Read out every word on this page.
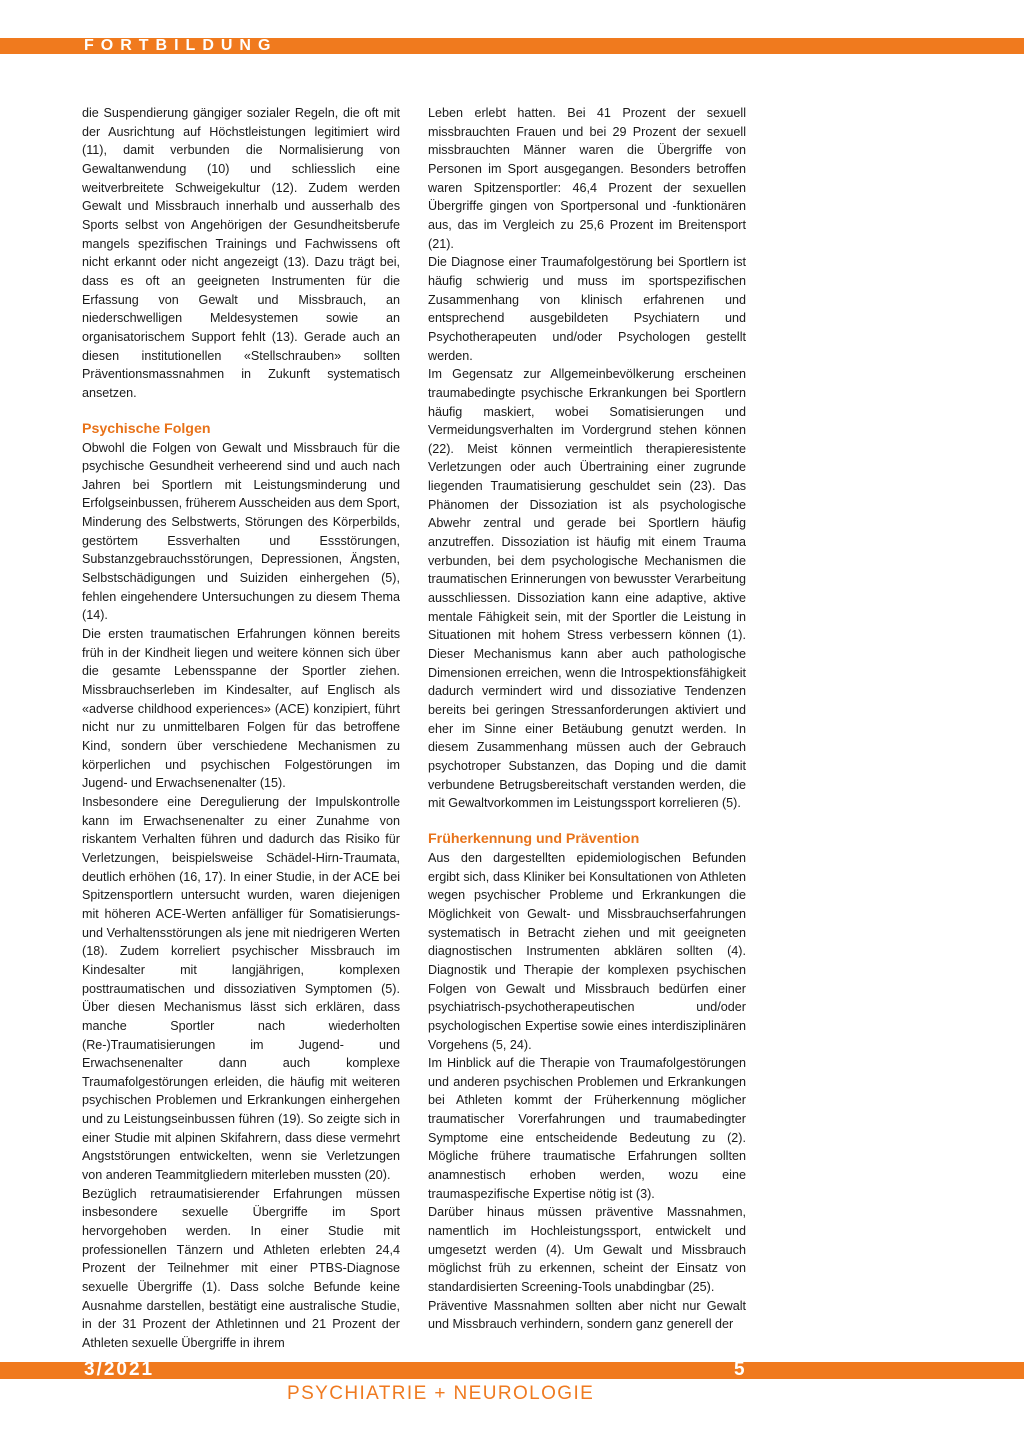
FORTBILDUNG

die Suspendierung gängiger sozialer Regeln, die oft mit der Ausrichtung auf Höchstleistungen legitimiert wird (11), damit verbunden die Normalisierung von Gewaltanwendung (10) und schliesslich eine weitverbreitete Schweigekultur (12). Zudem werden Gewalt und Missbrauch innerhalb und ausserhalb des Sports selbst von Angehörigen der Gesundheitsberufe mangels spezifischen Trainings und Fachwissens oft nicht erkannt oder nicht angezeigt (13). Dazu trägt bei, dass es oft an geeigneten Instrumenten für die Erfassung von Gewalt und Missbrauch, an niederschwelligen Meldesystemen sowie an organisatorischem Support fehlt (13). Gerade auch an diesen institutionellen «Stellschrauben» sollten Präventionsmassnahmen in Zukunft systematisch ansetzen.

Psychische Folgen

Obwohl die Folgen von Gewalt und Missbrauch für die psychische Gesundheit verheerend sind und auch nach Jahren bei Sportlern mit Leistungsminderung und Erfolgseinbussen, früherem Ausscheiden aus dem Sport, Minderung des Selbstwerts, Störungen des Körperbilds, gestörtem Essverhalten und Essstörungen, Substanzgebrauchsstörungen, Depressionen, Ängsten, Selbstschädigungen und Suiziden einhergehen (5), fehlen eingehendere Untersuchungen zu diesem Thema (14).

Die ersten traumatischen Erfahrungen können bereits früh in der Kindheit liegen und weitere können sich über die gesamte Lebensspanne der Sportler ziehen. Missbrauchserleben im Kindesalter, auf Englisch als «adverse childhood experiences» (ACE) konzipiert, führt nicht nur zu unmittelbaren Folgen für das betroffene Kind, sondern über verschiedene Mechanismen zu körperlichen und psychischen Folgestörungen im Jugend- und Erwachsenenalter (15).

Insbesondere eine Deregulierung der Impulskontrolle kann im Erwachsenenalter zu einer Zunahme von riskantem Verhalten führen und dadurch das Risiko für Verletzungen, beispielsweise Schädel-Hirn-Traumata, deutlich erhöhen (16, 17). In einer Studie, in der ACE bei Spitzensportlern untersucht wurden, waren diejenigen mit höheren ACE-Werten anfälliger für Somatisierungs- und Verhaltensstörungen als jene mit niedrigeren Werten (18). Zudem korreliert psychischer Missbrauch im Kindesalter mit langjährigen, komplexen posttraumatischen und dissoziativen Symptomen (5). Über diesen Mechanismus lässt sich erklären, dass manche Sportler nach wiederholten (Re-)Traumatisierungen im Jugend- und Erwachsenenalter dann auch komplexe Traumafolgestörungen erleiden, die häufig mit weiteren psychischen Problemen und Erkrankungen einhergehen und zu Leistungseinbussen führen (19). So zeigte sich in einer Studie mit alpinen Skifahrern, dass diese vermehrt Angststörungen entwickelten, wenn sie Verletzungen von anderen Teammitgliedern miterleben mussten (20).

Bezüglich retraumatisierender Erfahrungen müssen insbesondere sexuelle Übergriffe im Sport hervorgehoben werden. In einer Studie mit professionellen Tänzern und Athleten erlebten 24,4 Prozent der Teilnehmer mit einer PTBS-Diagnose sexuelle Übergriffe (1). Dass solche Befunde keine Ausnahme darstellen, bestätigt eine australische Studie, in der 31 Prozent der Athletinnen und 21 Prozent der Athleten sexuelle Übergriffe in ihrem

Leben erlebt hatten. Bei 41 Prozent der sexuell missbrauchten Frauen und bei 29 Prozent der sexuell missbrauchten Männer waren die Übergriffe von Personen im Sport ausgegangen. Besonders betroffen waren Spitzensportler: 46,4 Prozent der sexuellen Übergriffe gingen von Sportpersonal und -funktionären aus, das im Vergleich zu 25,6 Prozent im Breitensport (21).

Die Diagnose einer Traumafolgestörung bei Sportlern ist häufig schwierig und muss im sportspezifischen Zusammenhang von klinisch erfahrenen und entsprechend ausgebildeten Psychiatern und Psychotherapeuten und/oder Psychologen gestellt werden.

Im Gegensatz zur Allgemeinbevölkerung erscheinen traumabedingte psychische Erkrankungen bei Sportlern häufig maskiert, wobei Somatisierungen und Vermeidungsverhalten im Vordergrund stehen können (22). Meist können vermeintlich therapieresistente Verletzungen oder auch Übertraining einer zugrunde liegenden Traumatisierung geschuldet sein (23). Das Phänomen der Dissoziation ist als psychologische Abwehr zentral und gerade bei Sportlern häufig anzutreffen. Dissoziation ist häufig mit einem Trauma verbunden, bei dem psychologische Mechanismen die traumatischen Erinnerungen von bewusster Verarbeitung ausschliessen. Dissoziation kann eine adaptive, aktive mentale Fähigkeit sein, mit der Sportler die Leistung in Situationen mit hohem Stress verbessern können (1). Dieser Mechanismus kann aber auch pathologische Dimensionen erreichen, wenn die Introspektionsfähigkeit dadurch vermindert wird und dissoziative Tendenzen bereits bei geringen Stressanforderungen aktiviert und eher im Sinne einer Betäubung genutzt werden. In diesem Zusammenhang müssen auch der Gebrauch psychotroper Substanzen, das Doping und die damit verbundene Betrugsbereitschaft verstanden werden, die mit Gewaltvorkommen im Leistungssport korrelieren (5).

Früherkennung und Prävention

Aus den dargestellten epidemiologischen Befunden ergibt sich, dass Kliniker bei Konsultationen von Athleten wegen psychischer Probleme und Erkrankungen die Möglichkeit von Gewalt- und Missbrauchserfahrungen systematisch in Betracht ziehen und mit geeigneten diagnostischen Instrumenten abklären sollten (4). Diagnostik und Therapie der komplexen psychischen Folgen von Gewalt und Missbrauch bedürfen einer psychiatrisch-psychotherapeutischen und/oder psychologischen Expertise sowie eines interdisziplinären Vorgehens (5, 24).

Im Hinblick auf die Therapie von Traumafolgestörungen und anderen psychischen Problemen und Erkrankungen bei Athleten kommt der Früherkennung möglicher traumatischer Vorerfahrungen und traumabedingter Symptome eine entscheidende Bedeutung zu (2). Mögliche frühere traumatische Erfahrungen sollten anamnestisch erhoben werden, wozu eine traumaspezifische Expertise nötig ist (3).

Darüber hinaus müssen präventive Massnahmen, namentlich im Hochleistungssport, entwickelt und umgesetzt werden (4). Um Gewalt und Missbrauch möglichst früh zu erkennen, scheint der Einsatz von standardisierten Screening-Tools unabdingbar (25).

Präventive Massnahmen sollten aber nicht nur Gewalt und Missbrauch verhindern, sondern ganz generell der

3/2021	5
PSYCHIATRIE + NEUROLOGIE
